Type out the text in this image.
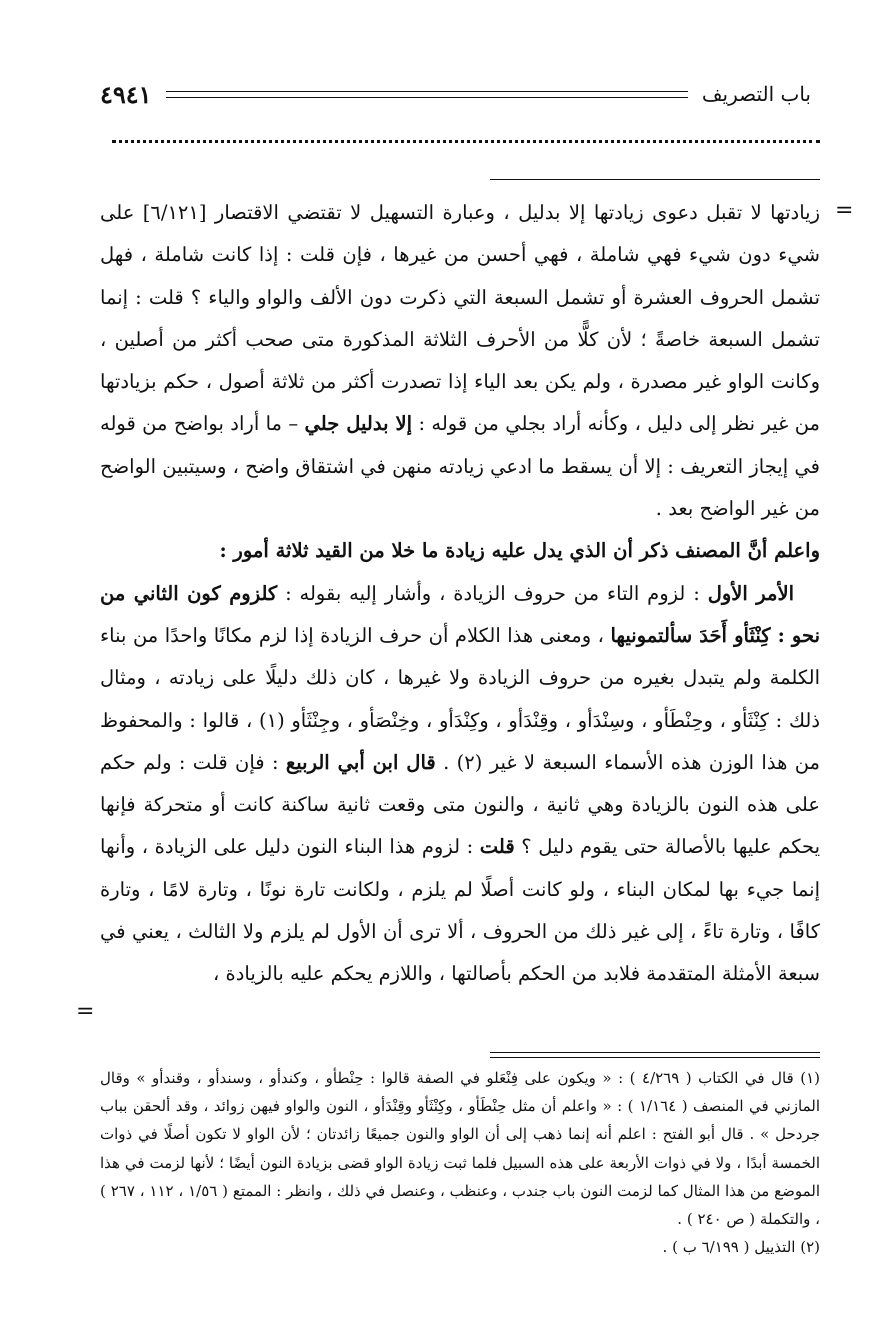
باب التصريف
٤٩٤١
=

زيادتها لا تقبل دعوى زيادتها إلا بدليل ، وعبارة التسهيل لا تقتضي الاقتصار [٦/١٢١] على شيء دون شيء فهي شاملة ، فهي أحسن من غيرها ، فإن قلت : إذا كانت شاملة ، فهل تشمل الحروف العشرة أو تشمل السبعة التي ذكرت دون الألف والواو والياء ؟ قلت : إنما تشمل السبعة خاصةً ؛ لأن كلًّا من الأحرف الثلاثة المذكورة متى صحب أكثر من أصلين ، وكانت الواو غير مصدرة ، ولم يكن بعد الياء إذا تصدرت أكثر من ثلاثة أصول ، حكم بزيادتها من غير نظر إلى دليل ، وكأنه أراد بجلي من قوله : إلا بدليل جلي – ما أراد بواضح من قوله في إيجاز التعريف : إلا أن يسقط ما ادعي زيادته منهن في اشتقاق واضح ، وسيتبين الواضح من غير الواضح بعد .

واعلم أنَّ المصنف ذكر أن الذي يدل عليه زيادة ما خلا من القيد ثلاثة أمور :

الأمر الأول : لزوم التاء من حروف الزيادة ، وأشار إليه بقوله : كلزوم كون الثاني من نحو : كِنْثَأو أَحَدَ سألتمونيها ، ومعنى هذا الكلام أن حرف الزيادة إذا لزم مكانًا واحدًا من بناء الكلمة ولم يتبدل بغيره من حروف الزيادة ولا غيرها ، كان ذلك دليلًا على زيادته ، ومثال ذلك : كِنْثَأو ، وحِنْطَأو ، وسِنْدَأو ، وقِنْدَأو ، وكِنْدَأو ، وخِنْصَأو ، وجِنْثَأو (١) ، قالوا : والمحفوظ من هذا الوزن هذه الأسماء السبعة لا غير (٢) . قال ابن أبي الربيع : فإن قلت : ولم حكم على هذه النون بالزيادة وهي ثانية ، والنون متى وقعت ثانية ساكنة كانت أو متحركة فإنها يحكم عليها بالأصالة حتى يقوم دليل ؟ قلت : لزوم هذا البناء النون دليل على الزيادة ، وأنها إنما جيء بها لمكان البناء ، ولو كانت أصلًا لم يلزم ، ولكانت تارة نونًا ، وتارة لامًا ، وتارة كافًا ، وتارة تاءً ، إلى غير ذلك من الحروف ، ألا ترى أن الأول لم يلزم ولا الثالث ، يعني في سبعة الأمثلة المتقدمة فلابد من الحكم بأصالتها ، واللازم يحكم عليه بالزيادة ،

=

(١) قال في الكتاب ( ٤/٢٦٩ ) : « ويكون على فِنْعَلو في الصفة قالوا : حِنْطأو ، وكندأو ، وسندأو ، وقندأو » وقال المازني في المنصف ( ١/١٦٤ ) : « واعلم أن مثل حِنْطَأو ، وكِنْثَأو وقِنْدَأو ، النون والواو فيهن زوائد ، وقد ألحقن بباب جردحل » . قال أبو الفتح : اعلم أنه إنما ذهب إلى أن الواو والنون جميعًا زائدتان ؛ لأن الواو لا تكون أصلًا في ذوات الخمسة أبدًا ، ولا في ذوات الأربعة على هذه السبيل فلما ثبت زيادة الواو قضى بزيادة النون أيضًا ؛ لأنها لزمت في هذا الموضع من هذا المثال كما لزمت النون باب جندب ، وعنظب ، وعنصل في ذلك ، وانظر : الممتع ( ١/٥٦ ، ١١٢ ، ٢٦٧ ) ، والتكملة ( ص ٢٤٠ ) .

(٢) التذييل ( ٦/١٩٩ ب ) .
